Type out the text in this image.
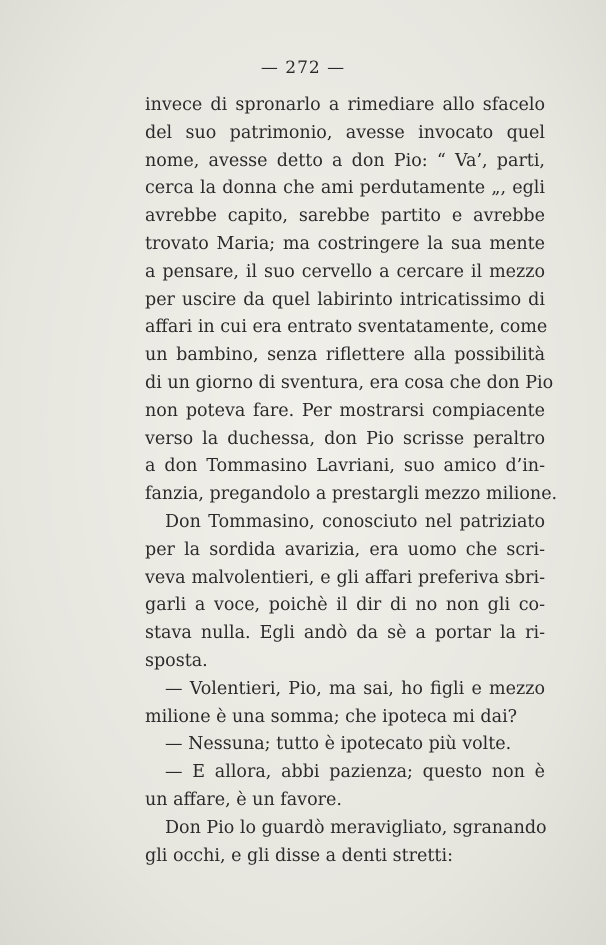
— 272 —
invece di spronarlo a rimediare allo sfacelo
del suo patrimonio, avesse invocato quel
nome, avesse detto a don Pio: “ Va’, parti,
cerca la donna che ami perdutamente „, egli
avrebbe capito, sarebbe partito e avrebbe
trovato Maria; ma costringere la sua mente
a pensare, il suo cervello a cercare il mezzo
per uscire da quel labirinto intricatissimo di
affari in cui era entrato sventatamente, come
un bambino, senza riflettere alla possibilità
di un giorno di sventura, era cosa che don Pio
non poteva fare. Per mostrarsi compiacente
verso la duchessa, don Pio scrisse peraltro
a don Tommasino Lavriani, suo amico d’in-
fanzia, pregandolo a prestargli mezzo milione.
Don Tommasino, conosciuto nel patriziato
per la sordida avarizia, era uomo che scri-
veva malvolentieri, e gli affari preferiva sbri-
garli a voce, poichè il dir di no non gli co-
stava nulla. Egli andò da sè a portar la ri-
sposta.
— Volentieri, Pio, ma sai, ho figli e mezzo
milione è una somma; che ipoteca mi dai?
— Nessuna; tutto è ipotecato più volte.
— E allora, abbi pazienza; questo non è
un affare, è un favore.
Don Pio lo guardò meravigliato, sgranando
gli occhi, e gli disse a denti stretti:
